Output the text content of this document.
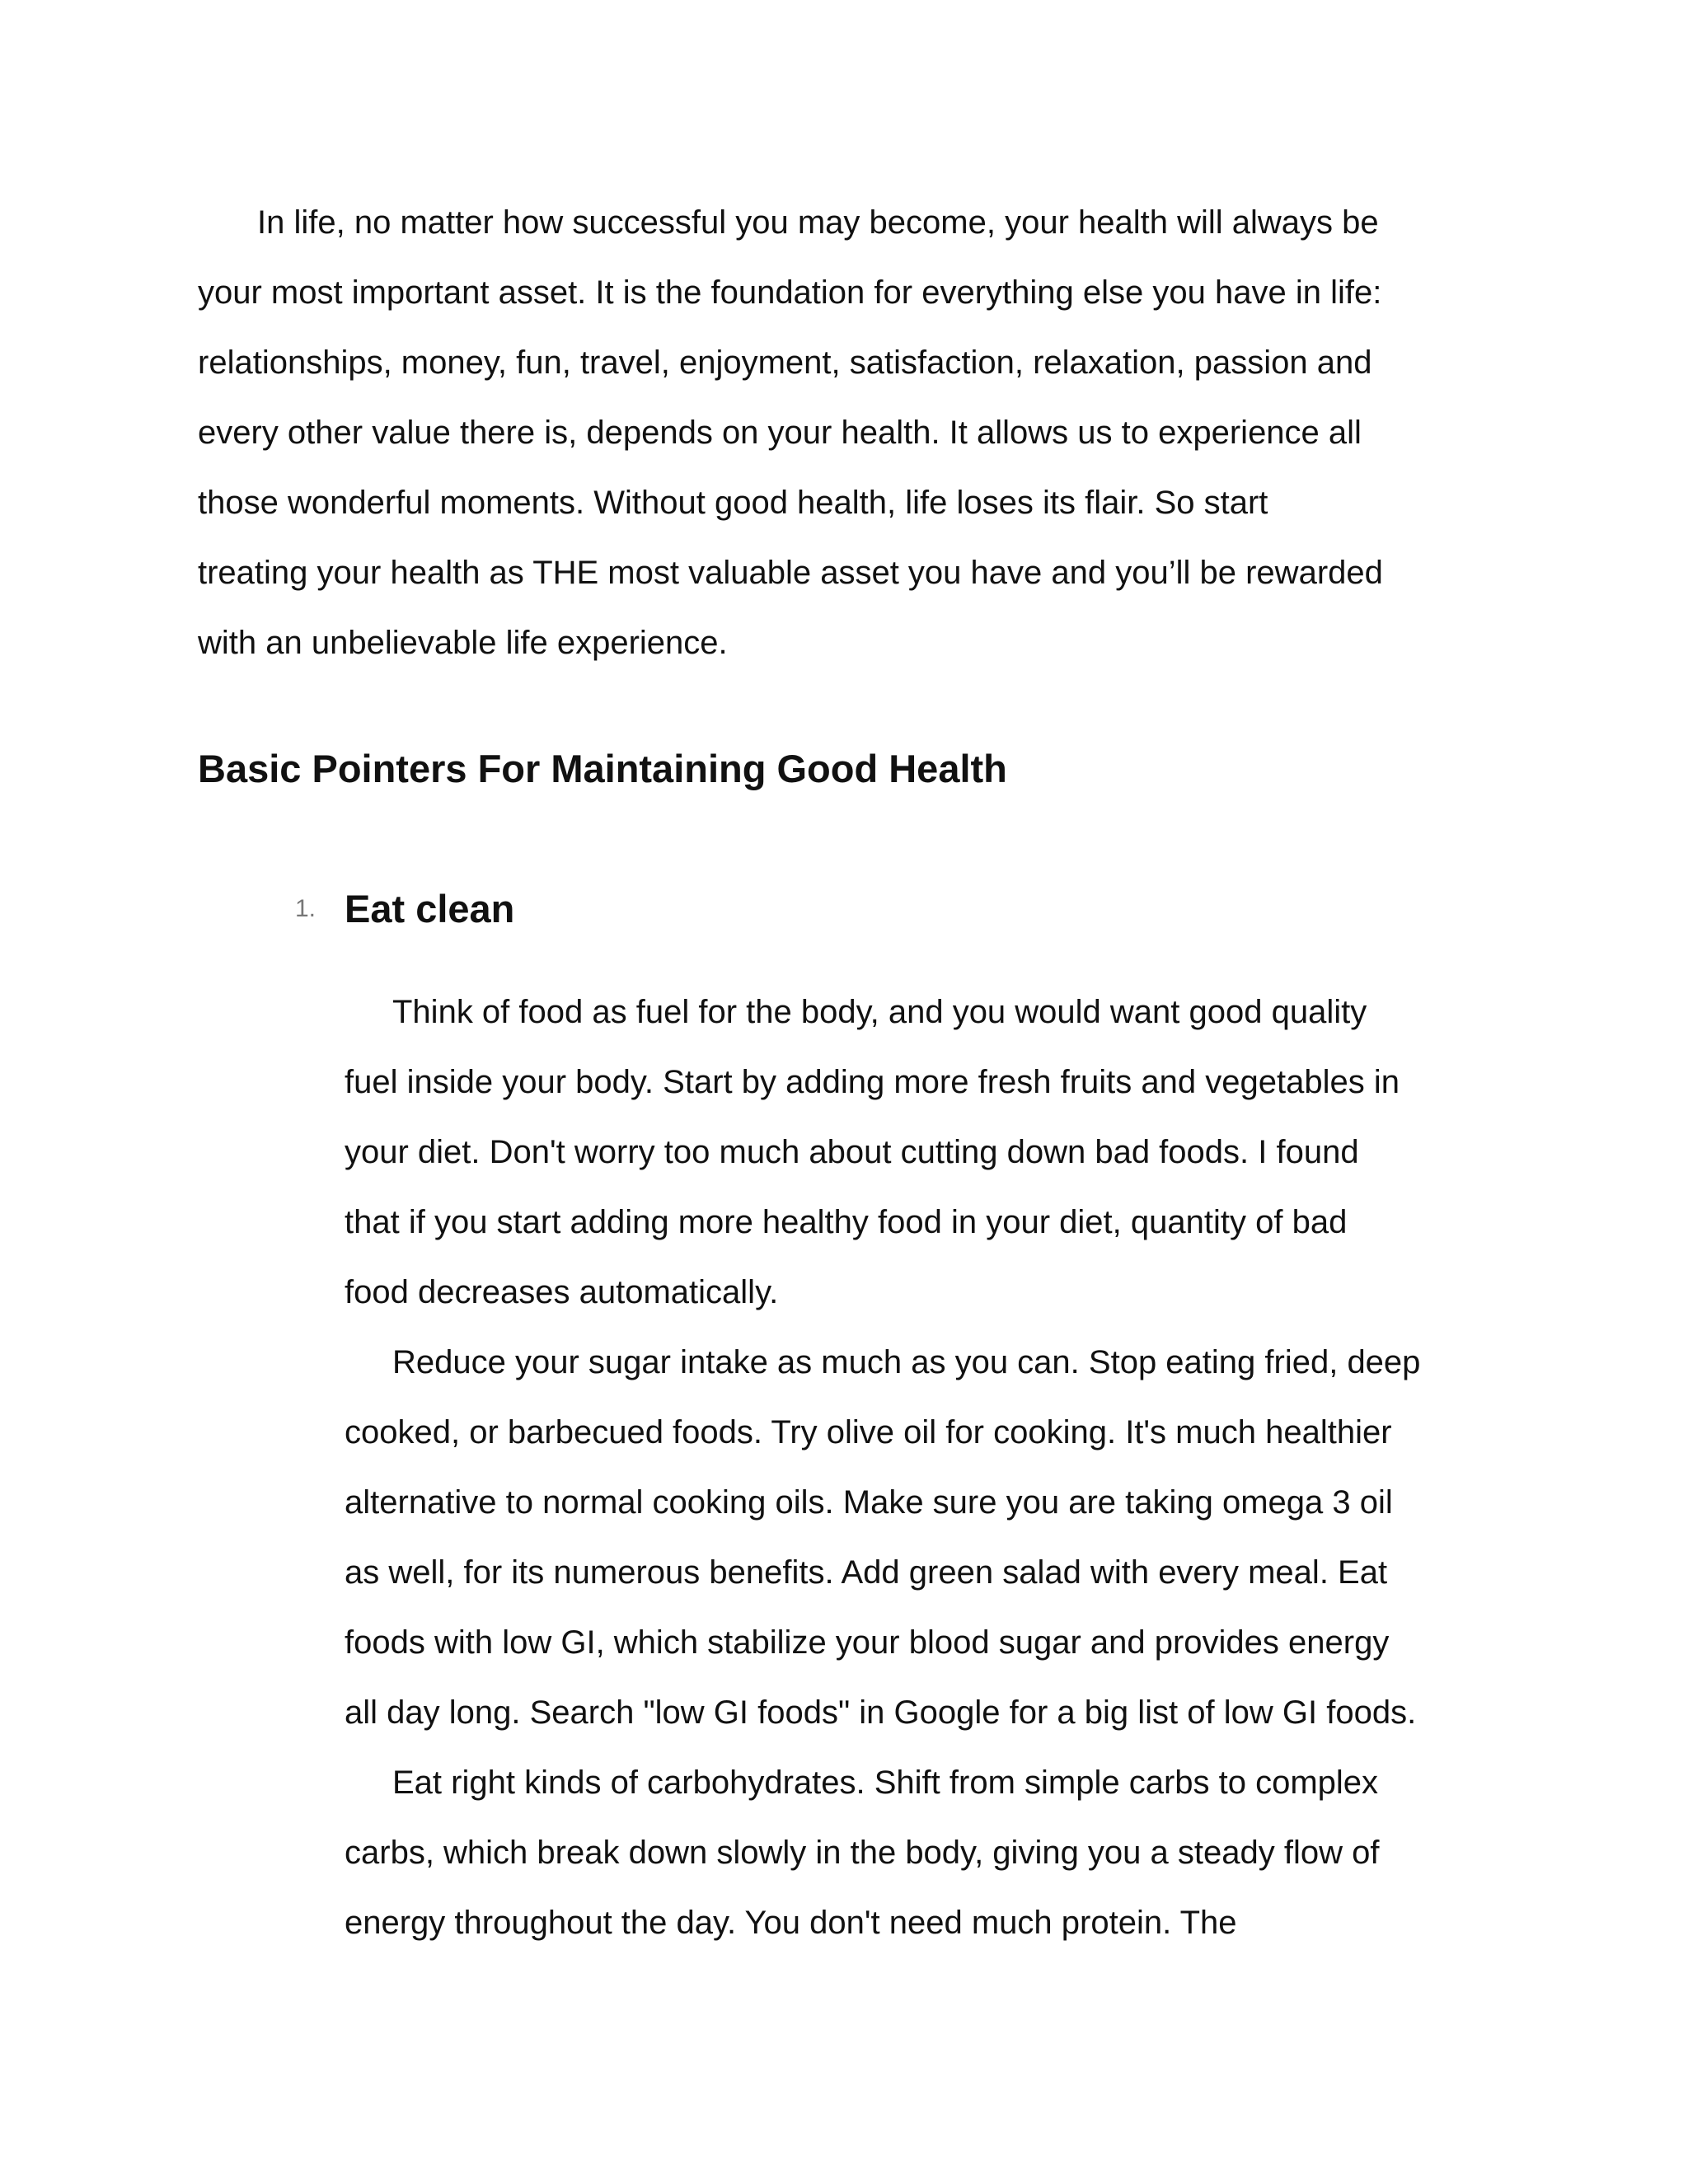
In life, no matter how successful you may become, your health will always be
your most important asset. It is the foundation for everything else you have in life:
relationships, money, fun, travel, enjoyment, satisfaction, relaxation, passion and
every other value there is, depends on your health. It allows us to experience all
those wonderful moments. Without good health, life loses its flair. So start
treating your health as THE most valuable asset you have and you’ll be rewarded
with an unbelievable life experience.
Basic Pointers For Maintaining Good Health
1. Eat clean
Think of food as fuel for the body, and you would want good quality
fuel inside your body. Start by adding more fresh fruits and vegetables in
your diet. Don't worry too much about cutting down bad foods. I found
that if you start adding more healthy food in your diet, quantity of bad
food decreases automatically.
Reduce your sugar intake as much as you can. Stop eating fried, deep
cooked, or barbecued foods. Try olive oil for cooking. It's much healthier
alternative to normal cooking oils. Make sure you are taking omega 3 oil
as well, for its numerous benefits. Add green salad with every meal. Eat
foods with low GI, which stabilize your blood sugar and provides energy
all day long. Search "low GI foods" in Google for a big list of low GI foods.
Eat right kinds of carbohydrates. Shift from simple carbs to complex
carbs, which break down slowly in the body, giving you a steady flow of
energy throughout the day. You don't need much protein. The
